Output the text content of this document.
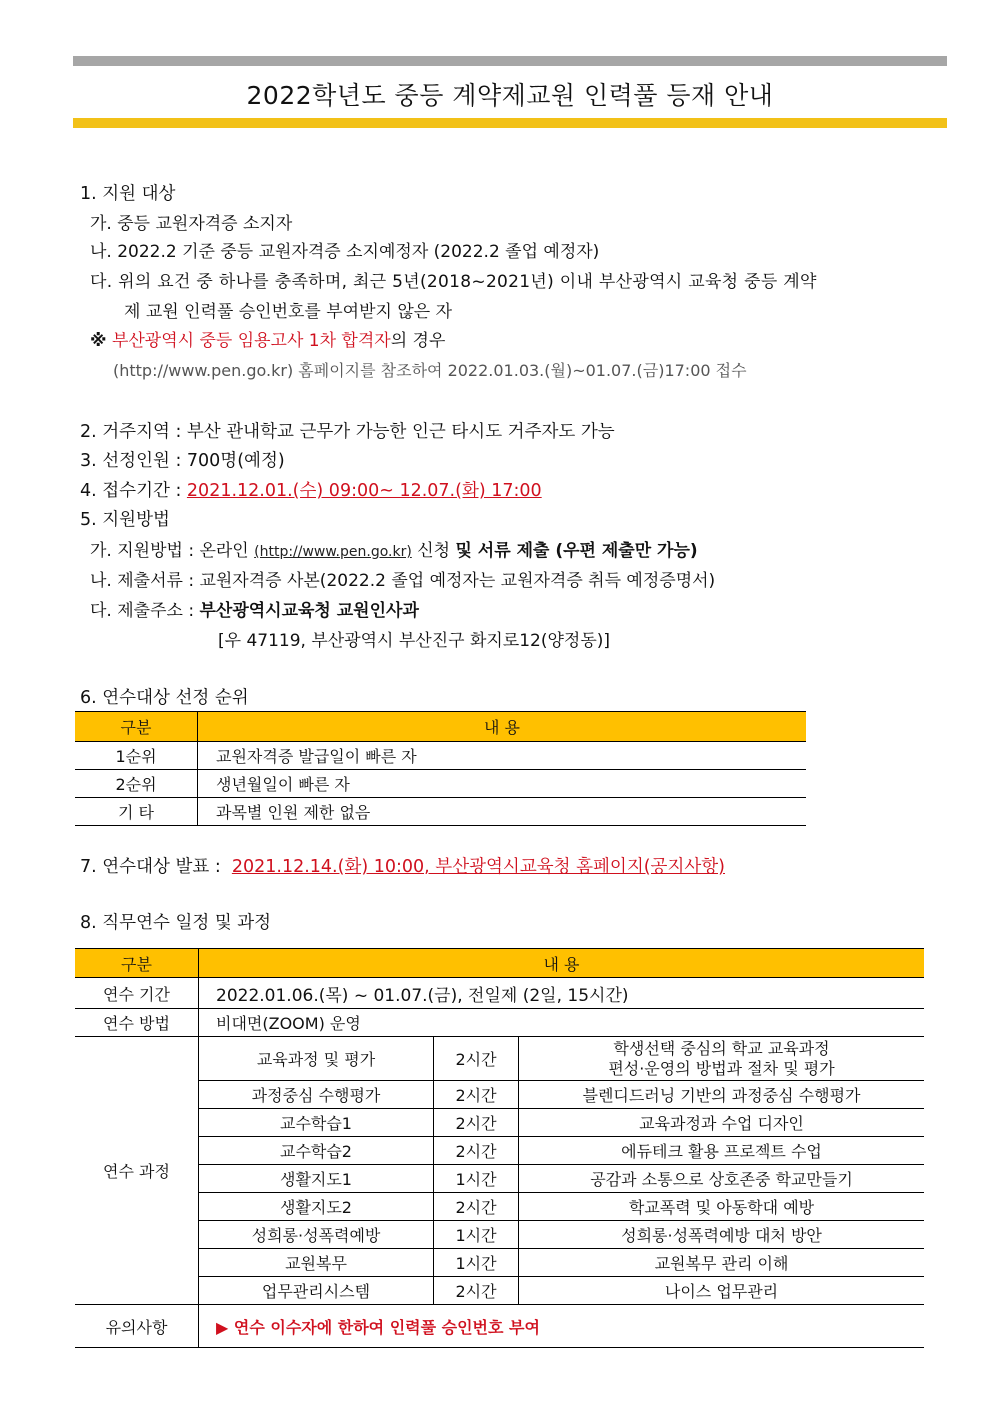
2022학년도 중등 계약제교원 인력풀 등재 안내
1. 지원 대상
가. 중등 교원자격증 소지자
나. 2022.2 기준 중등 교원자격증 소지예정자 (2022.2 졸업 예정자)
다. 위의 요건 중 하나를 충족하며, 최근 5년(2018~2021년) 이내 부산광역시 교육청 중등 계약
제 교원 인력풀 승인번호를 부여받지 않은 자
※ 부산광역시 중등 임용고사 1차 합격자의 경우
(http://www.pen.go.kr) 홈페이지를 참조하여 2022.01.03.(월)~01.07.(금)17:00 접수
2. 거주지역 : 부산 관내학교 근무가 가능한 인근 타시도 거주자도 가능
3. 선정인원 : 700명(예정)
4. 접수기간 : 2021.12.01.(수) 09:00~ 12.07.(화) 17:00
5. 지원방법
가. 지원방법 : 온라인 (http://www.pen.go.kr) 신청 및 서류 제출 (우편 제출만 가능)
나. 제출서류 : 교원자격증 사본(2022.2 졸업 예정자는 교원자격증 취득 예정증명서)
다. 제출주소 : 부산광역시교육청 교원인사과
[우 47119, 부산광역시 부산진구 화지로12(양정동)]
6. 연수대상 선정 순위
구분	내 용
1순위	교원자격증 발급일이 빠른 자
2순위	생년월일이 빠른 자
기 타	과목별 인원 제한 없음
7. 연수대상 발표 : 2021.12.14.(화) 10:00, 부산광역시교육청 홈페이지(공지사항)
8. 직무연수 일정 및 과정
구분	내 용		
연수 기간	2022.01.06.(목) ~ 01.07.(금), 전일제 (2일, 15시간)		
연수 방법	비대면(ZOOM) 운영		
연수 과정	교육과정 및 평가	2시간	학생선택 중심의 학교 교육과정
편성·운영의 방법과 절차 및 평가

	과정중심 수행평가	2시간	블렌디드러닝 기반의 과정중심 수행평가
	교수학습1	2시간	교육과정과 수업 디자인
	교수학습2	2시간	에듀테크 활용 프로젝트 수업
	생활지도1	1시간	공감과 소통으로 상호존중 학교만들기
	생활지도2	2시간	학교폭력 및 아동학대 예방
	성희롱·성폭력예방	1시간	성희롱·성폭력예방 대처 방안
	교원복무	1시간	교원복무 관리 이해
	업무관리시스템	2시간	나이스 업무관리
유의사항	▶ 연수 이수자에 한하여 인력풀 승인번호 부여		
